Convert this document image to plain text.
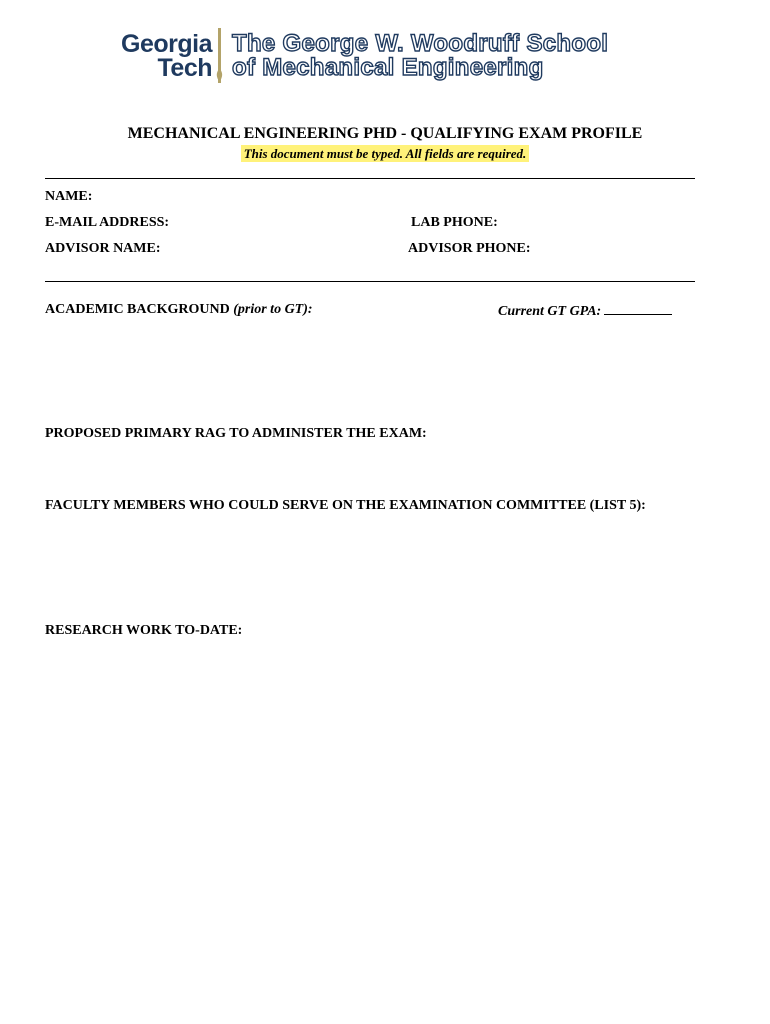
Georgia
Tech
The George W. Woodruff School
of Mechanical Engineering
MECHANICAL ENGINEERING PHD - QUALIFYING EXAM PROFILE
This document must be typed. All fields are required.
NAME:
E-MAIL ADDRESS:	LAB PHONE:
ADVISOR NAME:	ADVISOR PHONE:
ACADEMIC BACKGROUND (prior to GT):	Current GT GPA:
PROPOSED PRIMARY RAG TO ADMINISTER THE EXAM:
FACULTY MEMBERS WHO COULD SERVE ON THE EXAMINATION COMMITTEE (LIST 5):
RESEARCH WORK TO-DATE:
